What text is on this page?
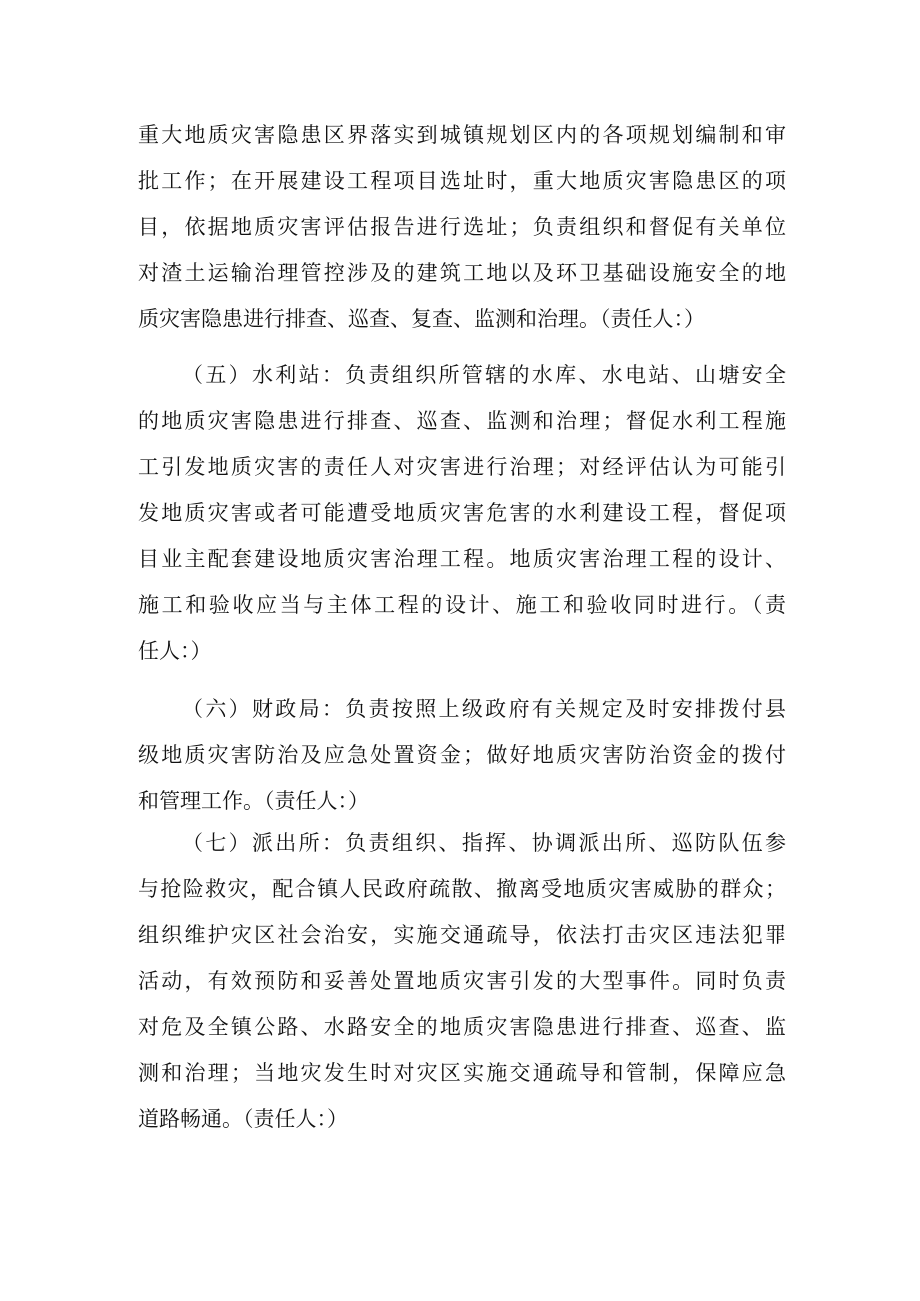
重大地质灾害隐患区界落实到城镇规划区内的各项规划编制和审
批工作；在开展建设工程项目选址时，重大地质灾害隐患区的项
目，依据地质灾害评估报告进行选址；负责组织和督促有关单位
对渣土运输治理管控涉及的建筑工地以及环卫基础设施安全的地
质灾害隐患进行排查、巡查、复查、监测和治理。（责任人：）
（五）水利站：负责组织所管辖的水库、水电站、山塘安全
的地质灾害隐患进行排查、巡查、监测和治理；督促水利工程施
工引发地质灾害的责任人对灾害进行治理；对经评估认为可能引
发地质灾害或者可能遭受地质灾害危害的水利建设工程，督促项
目业主配套建设地质灾害治理工程。地质灾害治理工程的设计、
施工和验收应当与主体工程的设计、施工和验收同时进行。（责
任人：）
（六）财政局：负责按照上级政府有关规定及时安排拨付县
级地质灾害防治及应急处置资金；做好地质灾害防治资金的拨付
和管理工作。（责任人：）
（七）派出所：负责组织、指挥、协调派出所、巡防队伍参
与抢险救灾，配合镇人民政府疏散、撤离受地质灾害威胁的群众；
组织维护灾区社会治安，实施交通疏导，依法打击灾区违法犯罪
活动，有效预防和妥善处置地质灾害引发的大型事件。同时负责
对危及全镇公路、水路安全的地质灾害隐患进行排查、巡查、监
测和治理；当地灾发生时对灾区实施交通疏导和管制，保障应急
道路畅通。（责任人：）
